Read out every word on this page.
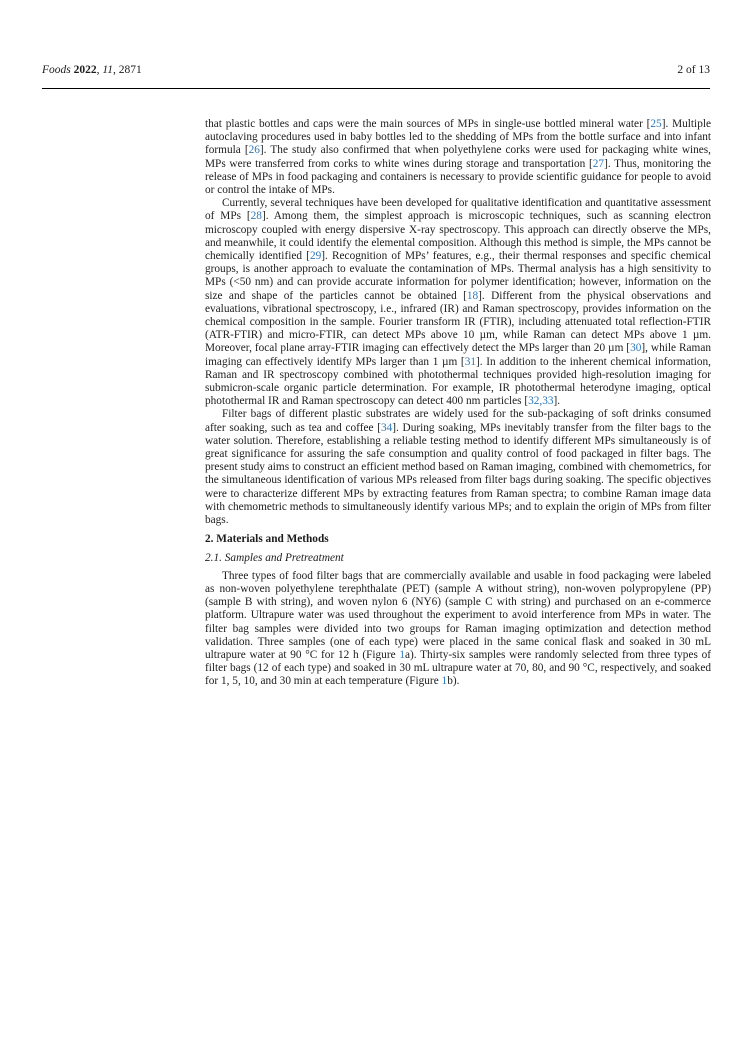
Foods 2022, 11, 2871	2 of 13

that plastic bottles and caps were the main sources of MPs in single-use bottled mineral water [25]. Multiple autoclaving procedures used in baby bottles led to the shedding of MPs from the bottle surface and into infant formula [26]. The study also confirmed that when polyethylene corks were used for packaging white wines, MPs were transferred from corks to white wines during storage and transportation [27]. Thus, monitoring the release of MPs in food packaging and containers is necessary to provide scientific guidance for people to avoid or control the intake of MPs.

Currently, several techniques have been developed for qualitative identification and quantitative assessment of MPs [28]. Among them, the simplest approach is microscopic techniques, such as scanning electron microscopy coupled with energy dispersive X-ray spectroscopy. This approach can directly observe the MPs, and meanwhile, it could identify the elemental composition. Although this method is simple, the MPs cannot be chemically identified [29]. Recognition of MPs’ features, e.g., their thermal responses and specific chemical groups, is another approach to evaluate the contamination of MPs. Thermal analysis has a high sensitivity to MPs (<50 nm) and can provide accurate information for polymer identification; however, information on the size and shape of the particles cannot be obtained [18]. Different from the physical observations and evaluations, vibrational spectroscopy, i.e., infrared (IR) and Raman spectroscopy, provides information on the chemical composition in the sample. Fourier transform IR (FTIR), including attenuated total reflection-FTIR (ATR-FTIR) and micro-FTIR, can detect MPs above 10 µm, while Raman can detect MPs above 1 µm. Moreover, focal plane array-FTIR imaging can effectively detect the MPs larger than 20 µm [30], while Raman imaging can effectively identify MPs larger than 1 µm [31]. In addition to the inherent chemical information, Raman and IR spectroscopy combined with photothermal techniques provided high-resolution imaging for submicron-scale organic particle determination. For example, IR photothermal heterodyne imaging, optical photothermal IR and Raman spectroscopy can detect 400 nm particles [32,33].

Filter bags of different plastic substrates are widely used for the sub-packaging of soft drinks consumed after soaking, such as tea and coffee [34]. During soaking, MPs inevitably transfer from the filter bags to the water solution. Therefore, establishing a reliable testing method to identify different MPs simultaneously is of great significance for assuring the safe consumption and quality control of food packaged in filter bags. The present study aims to construct an efficient method based on Raman imaging, combined with chemometrics, for the simultaneous identification of various MPs released from filter bags during soaking. The specific objectives were to characterize different MPs by extracting features from Raman spectra; to combine Raman image data with chemometric methods to simultaneously identify various MPs; and to explain the origin of MPs from filter bags.

2. Materials and Methods
2.1. Samples and Pretreatment

Three types of food filter bags that are commercially available and usable in food packaging were labeled as non-woven polyethylene terephthalate (PET) (sample A without string), non-woven polypropylene (PP) (sample B with string), and woven nylon 6 (NY6) (sample C with string) and purchased on an e-commerce platform. Ultrapure water was used throughout the experiment to avoid interference from MPs in water. The filter bag samples were divided into two groups for Raman imaging optimization and detection method validation. Three samples (one of each type) were placed in the same conical flask and soaked in 30 mL ultrapure water at 90 °C for 12 h (Figure 1a). Thirty-six samples were randomly selected from three types of filter bags (12 of each type) and soaked in 30 mL ultrapure water at 70, 80, and 90 °C, respectively, and soaked for 1, 5, 10, and 30 min at each temperature (Figure 1b).
